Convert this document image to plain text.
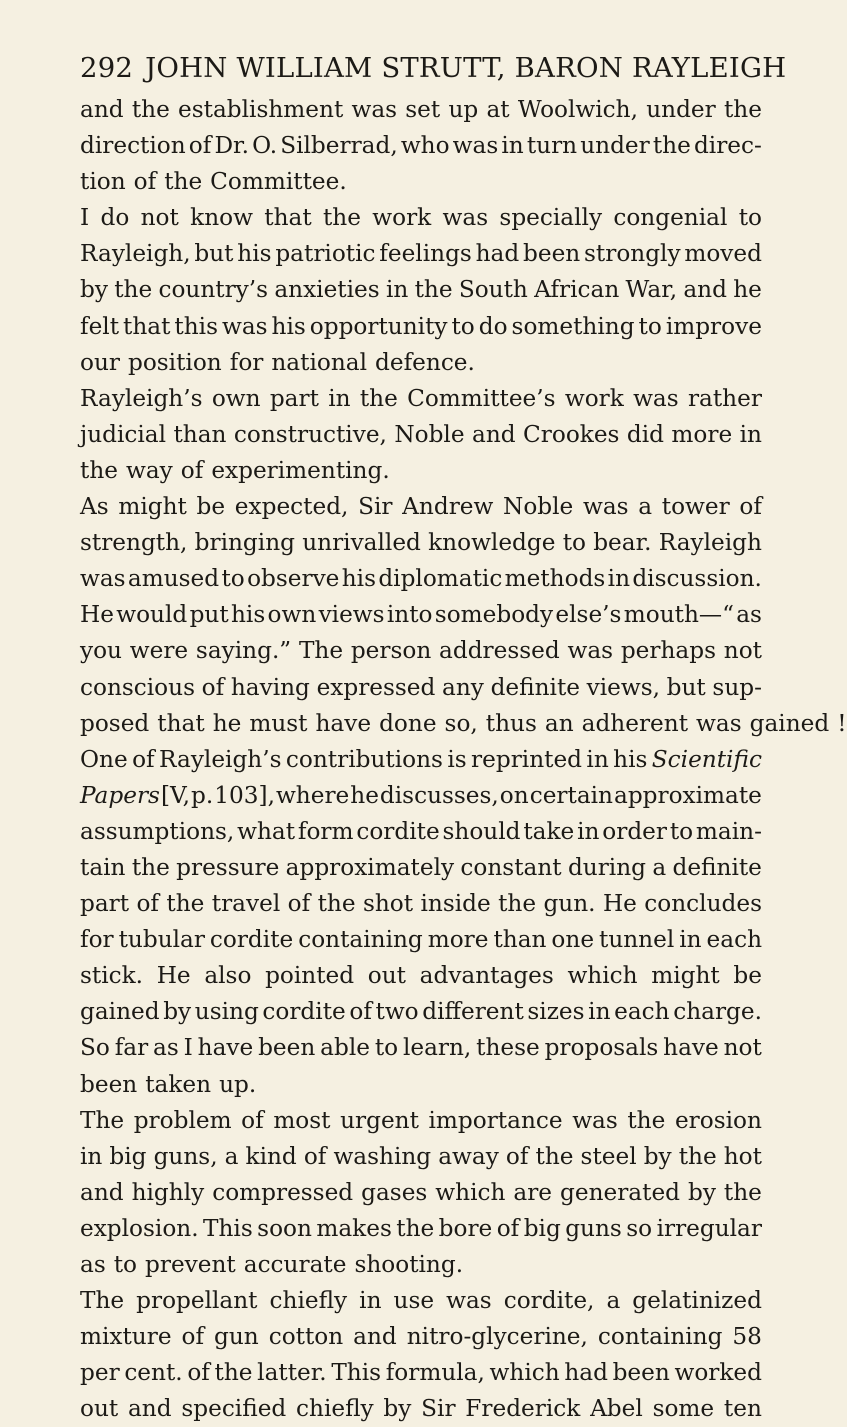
292 JOHN WILLIAM STRUTT, BARON RAYLEIGH
and the establishment was set up at Woolwich, under the
direction of Dr. O. Silberrad, who was in turn under the direc-
tion of the Committee.
I do not know that the work was specially congenial to
Rayleigh, but his patriotic feelings had been strongly moved
by the country’s anxieties in the South African War, and he
felt that this was his opportunity to do something to improve
our position for national defence.
Rayleigh’s own part in the Committee’s work was rather
judicial than constructive, Noble and Crookes did more in
the way of experimenting.
As might be expected, Sir Andrew Noble was a tower of
strength, bringing unrivalled knowledge to bear. Rayleigh
was amused to observe his diplomatic methods in discussion.
He would put his own views into somebody else’s mouth—“ as
you were saying.” The person addressed was perhaps not
conscious of having expressed any definite views, but sup-
posed that he must have done so, thus an adherent was gained !
One of Rayleigh’s contributions is reprinted in his Scientific
Papers [V, p. 103], where he discusses, on certain approximate
assumptions, what form cordite should take in order to main-
tain the pressure approximately constant during a definite
part of the travel of the shot inside the gun. He concludes
for tubular cordite containing more than one tunnel in each
stick. He also pointed out advantages which might be
gained by using cordite of two different sizes in each charge.
So far as I have been able to learn, these proposals have not
been taken up.
The problem of most urgent importance was the erosion
in big guns, a kind of washing away of the steel by the hot
and highly compressed gases which are generated by the
explosion. This soon makes the bore of big guns so irregular
as to prevent accurate shooting.
The propellant chiefly in use was cordite, a gelatinized
mixture of gun cotton and nitro-glycerine, containing 58
per cent. of the latter. This formula, which had been worked
out and specified chiefly by Sir Frederick Abel some ten
